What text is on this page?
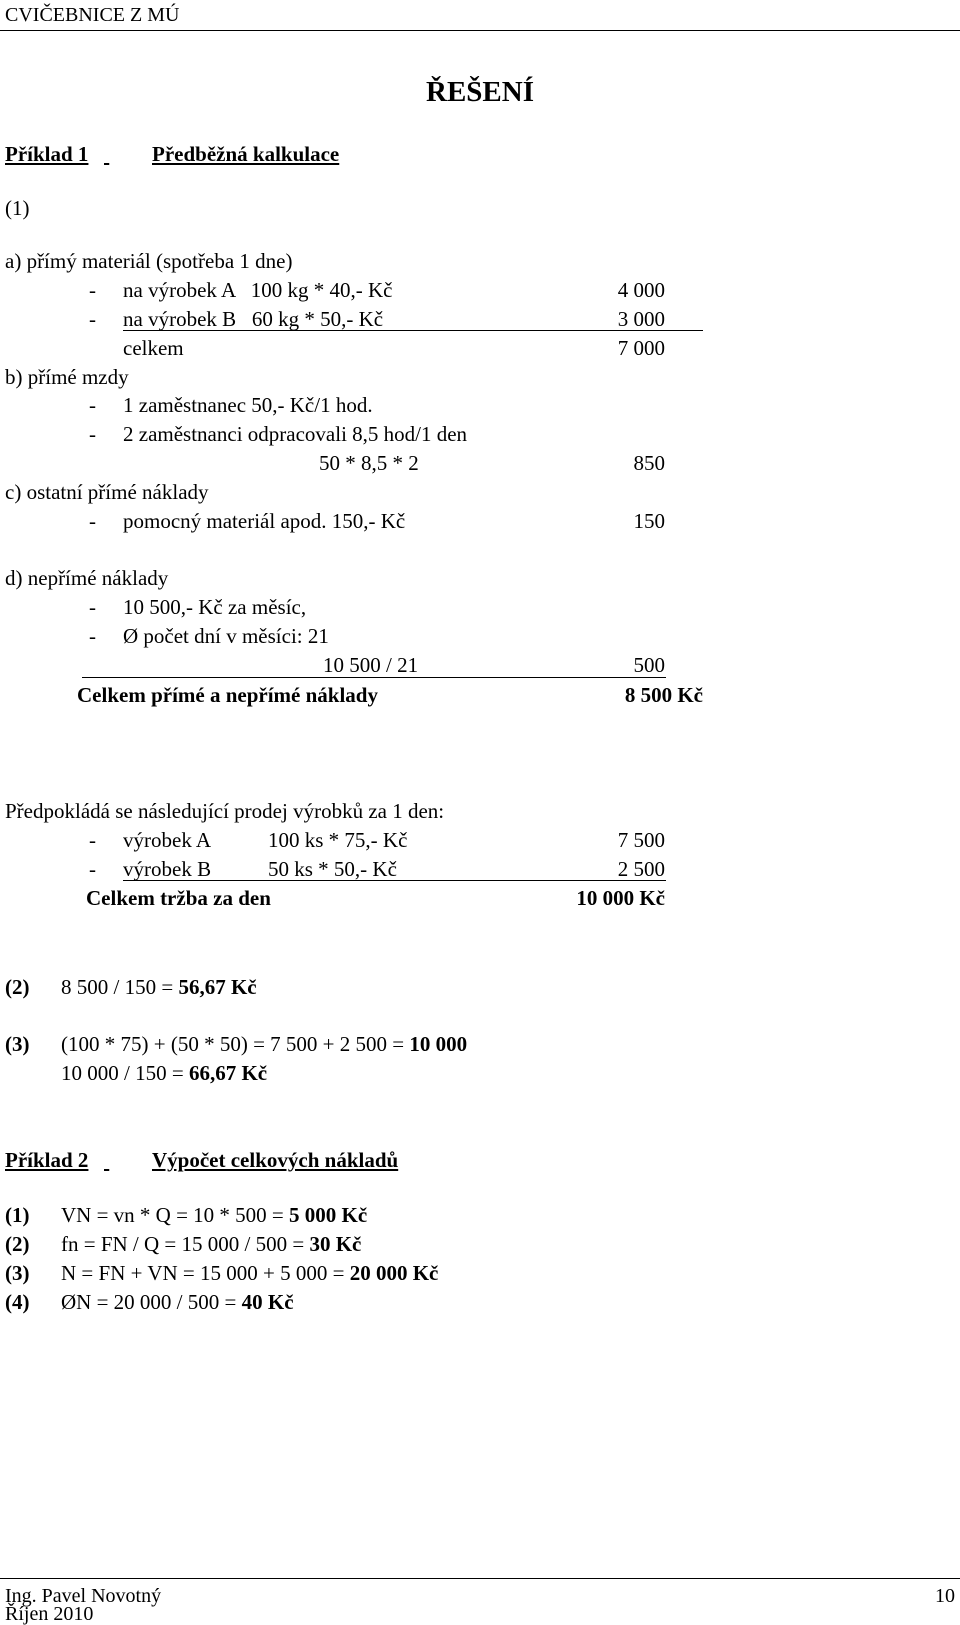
CVIČEBNICE Z MÚ
ŘEŠENÍ
Příklad 1
	Předběžná kalkulace
(1)
a) přímý materiál (spotřeba 1 dne)
- na výrobek A   100 kg * 40,- Kč	4 000
- na výrobek B   60 kg * 50,- Kč	3 000
celkem	7 000
b) přímé mzdy
- 1 zaměstnanec 50,- Kč/1 hod.
- 2 zaměstnanci odpracovali 8,5 hod/1 den
50 * 8,5 * 2	850
c) ostatní přímé náklady
- pomocný materiál apod. 150,- Kč	150
d) nepřímé náklady
- 10 500,- Kč za měsíc,
- Ø počet dní v měsíci: 21
10 500 / 21	500
Celkem přímé a nepřímé náklady	8 500 Kč
Předpokládá se následující prodej výrobků za 1 den:
- výrobek A	100 ks * 75,- Kč	7 500
- výrobek B	50 ks * 50,- Kč	2 500
Celkem tržba za den	10 000 Kč
(2) 8 500 / 150 = 56,67 Kč
(3) (100 * 75) + (50 * 50) = 7 500 + 2 500 = 10 000
10 000 / 150 = 66,67 Kč
Příklad 2
	Výpočet celkových nákladů
(1) VN = vn * Q = 10 * 500 = 5 000 Kč
(2) fn = FN / Q = 15 000 / 500 = 30 Kč
(3) N = FN + VN = 15 000 + 5 000 = 20 000 Kč
(4) ØN = 20 000 / 500 = 40 Kč
Ing. Pavel Novotný
Říjen 2010
10
